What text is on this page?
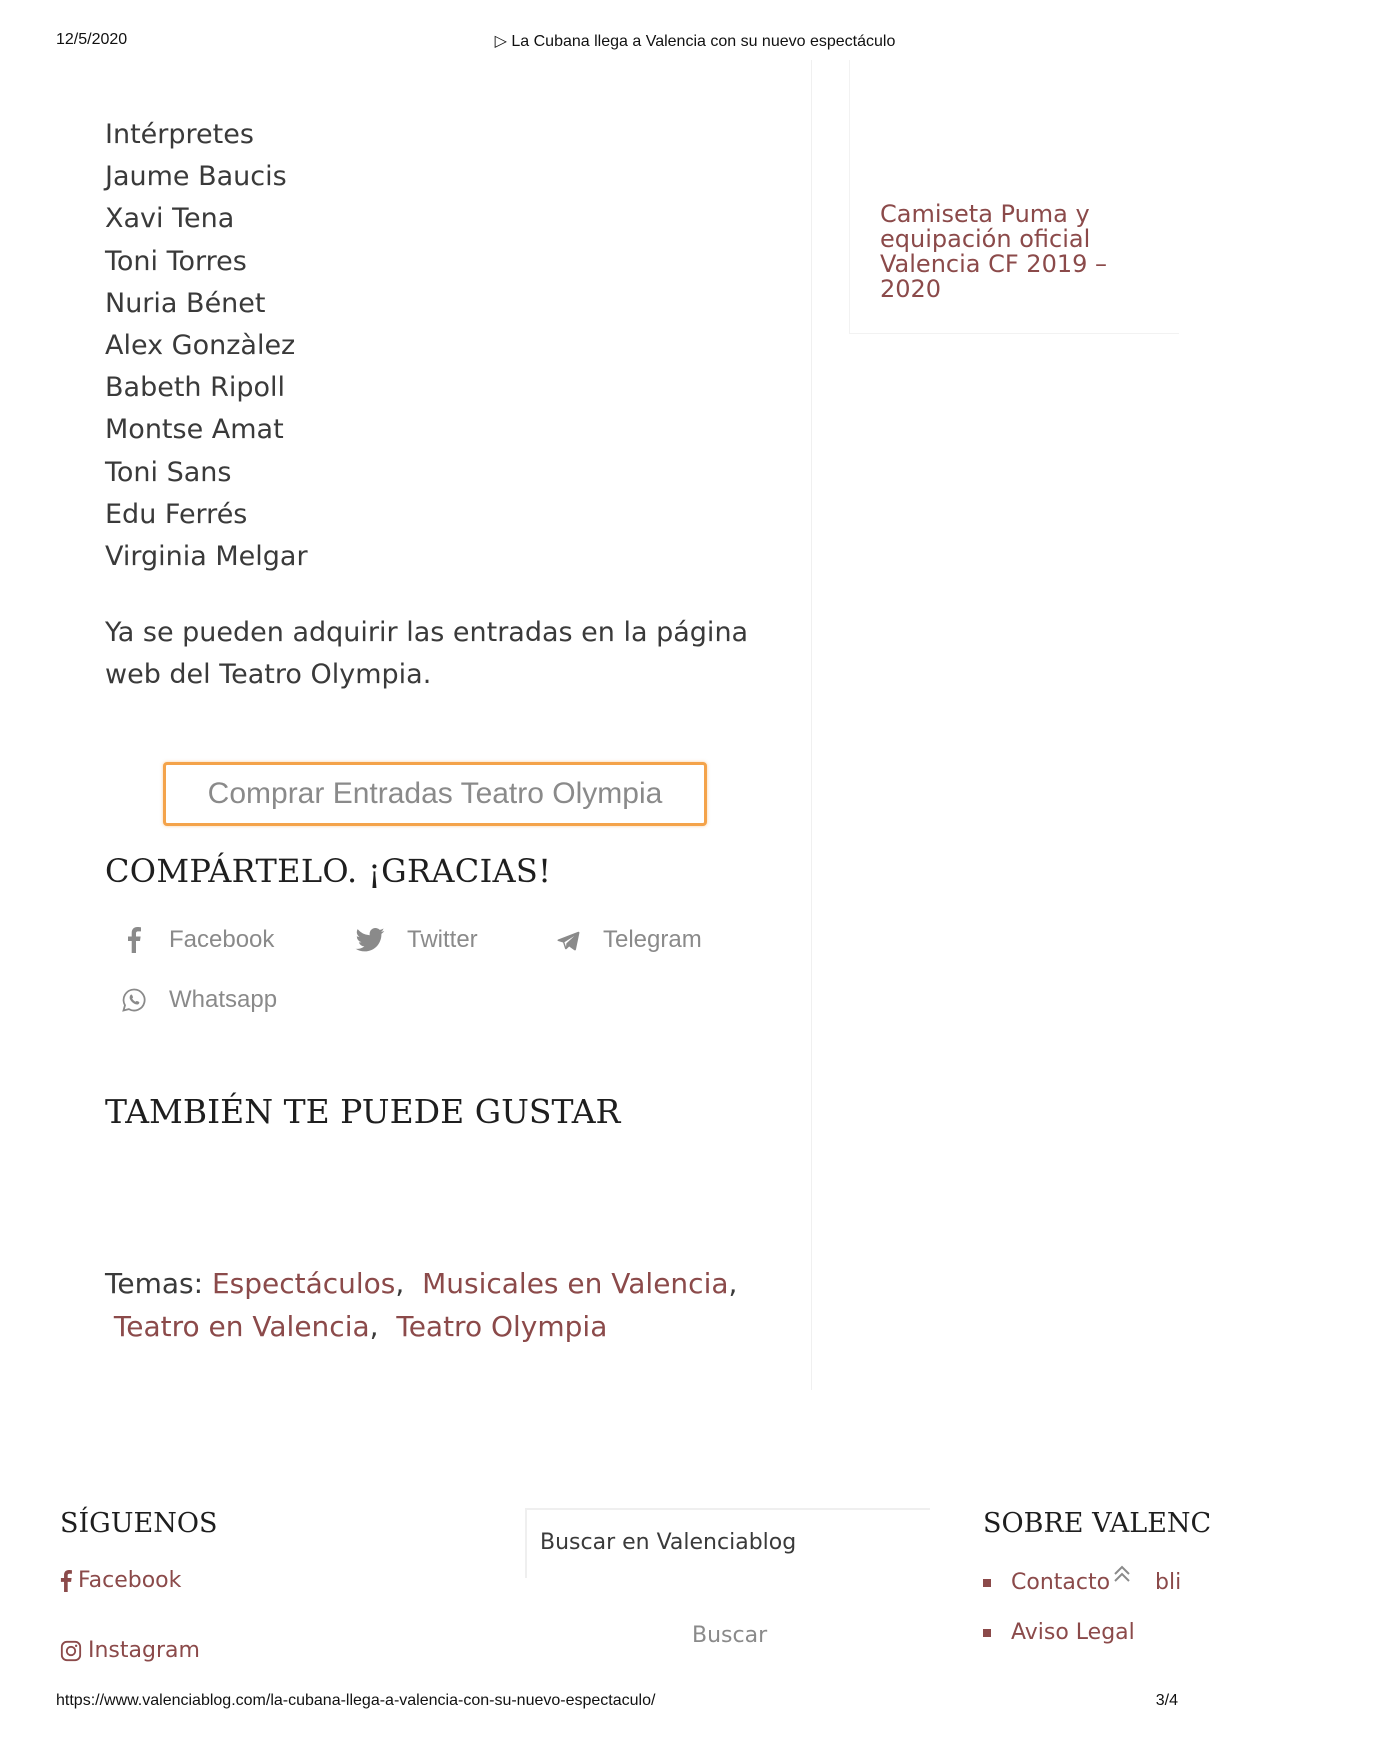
12/5/2020	▷ La Cubana llega a Valencia con su nuevo espectáculo
Intérpretes
Jaume Baucis
Xavi Tena
Toni Torres
Nuria Bénet
Alex Gonzàlez
Babeth Ripoll
Montse Amat
Toni Sans
Edu Ferrés
Virginia Melgar
Ya se pueden adquirir las entradas en la página web del Teatro Olympia.
Comprar Entradas Teatro Olympia
COMPÁRTELO. ¡GRACIAS!
Facebook	Twitter	Telegram
Whatsapp
TAMBIÉN TE PUEDE GUSTAR
Temas: Espectáculos,  Musicales en Valencia,
Teatro en Valencia,  Teatro Olympia
Camiseta Puma y equipación oficial Valencia CF 2019 – 2020
SÍGUENOS
Facebook
Instagram
Buscar en Valenciablog
Buscar
SOBRE VALENC
Contacto bli
Aviso Legal
https://www.valenciablog.com/la-cubana-llega-a-valencia-con-su-nuevo-espectaculo/	3/4
